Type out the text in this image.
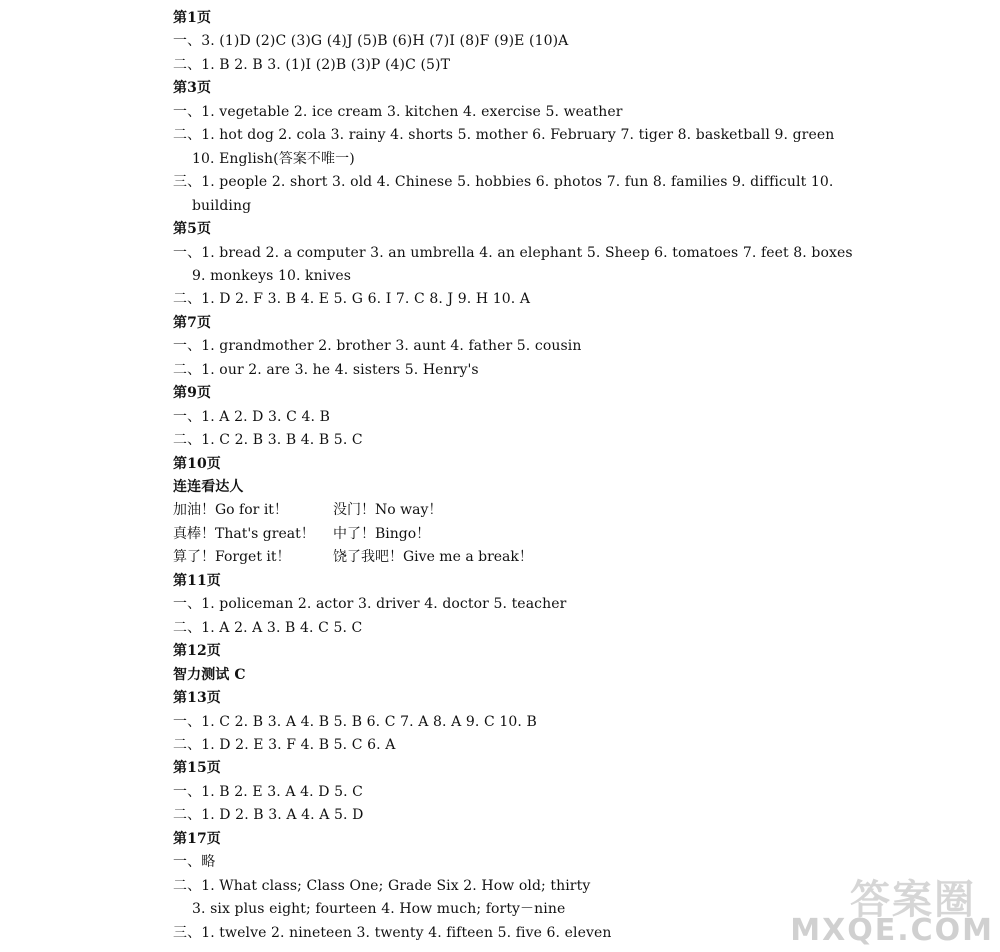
第1页
一、3. (1)D (2)C (3)G (4)J (5)B (6)H (7)I (8)F (9)E (10)A
二、1. B 2. B 3. (1)I (2)B (3)P (4)C (5)T
第3页
一、1. vegetable 2. ice cream 3. kitchen 4. exercise 5. weather
二、1. hot dog 2. cola 3. rainy 4. shorts 5. mother 6. February 7. tiger 8. basketball 9. green
10. English(答案不唯一)
三、1. people 2. short 3. old 4. Chinese 5. hobbies 6. photos 7. fun 8. families 9. difficult 10.
building
第5页
一、1. bread 2. a computer 3. an umbrella 4. an elephant 5. Sheep 6. tomatoes 7. feet 8. boxes
9. monkeys 10. knives
二、1. D 2. F 3. B 4. E 5. G 6. I 7. C 8. J 9. H 10. A
第7页
一、1. grandmother 2. brother 3. aunt 4. father 5. cousin
二、1. our 2. are 3. he 4. sisters 5. Henry's
第9页
一、1. A 2. D 3. C 4. B
二、1. C 2. B 3. B 4. B 5. C
第10页
连连看达人
加油！Go for it！	没门！No way！
真棒！That's great！ 中了！Bingo！
算了！Forget it！	饶了我吧！Give me a break！
第11页
一、1. policeman 2. actor 3. driver 4. doctor 5. teacher
二、1. A 2. A 3. B 4. C 5. C
第12页
智力测试 C
第13页
一、1. C 2. B 3. A 4. B 5. B 6. C 7. A 8. A 9. C 10. B
二、1. D 2. E 3. F 4. B 5. C 6. A
第15页
一、1. B 2. E 3. A 4. D 5. C
二、1. D 2. B 3. A 4. A 5. D
第17页
一、略
二、1. What class; Class One; Grade Six 2. How old; thirty
3. six plus eight; fourteen 4. How much; forty－nine
三、1. twelve 2. nineteen 3. twenty 4. fifteen 5. five 6. eleven
答案圈
MXQE.COM
